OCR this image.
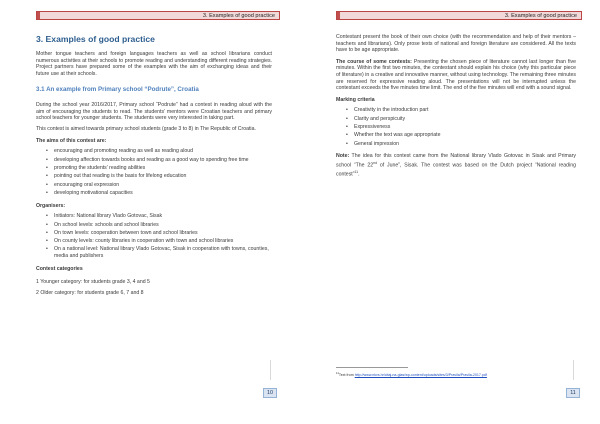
3. Examples of good practice
3. Examples of good practice

Mother tongue teachers and foreign languages teachers as well as school librarians conduct numerous activities at their schools to promote reading and understanding different reading strategies. Project partners have prepared some of the examples with the aim of exchanging ideas and their future use at their schools.

3.1 An example from Primary school “Podrute”, Croatia

During the school year 2016/2017, Primary school “Podrute” had a contest in reading aloud with the aim of encouraging the students to read. The students’ mentors were Croatian teachers and primary school teachers for younger students. The students were very interested in taking part.

This contest is aimed towards primary school students (grade 3 to 8) in The Republic of Croatia.

The aims of this contest are:
• encouraging and promoting reading as well as reading aloud
• developing affection towards books and reading as a good way to spending free time
• promoting the students’ reading abilities
• pointing out that reading is the basis for lifelong education
• encouraging oral expression
• developing motivational capacities
Organisers:
• Initiators: National library Vlado Gotovac, Sisak
• On school levels: schools and school libraries
• On town levels: cooperation between town and school libraries
• On county levels: county libraries in cooperation with town and school libraries
• On a national level: National library Vlado Gotovac, Sisak in cooperation with towns, counties, media and publishers
Contest categories

1 Younger category: for students grade 3, 4 and 5

2 Older category: for students grade 6, 7 and 8

10
3. Examples of good practice

Contestant present the book of their own choice (with the recommendation and help of their mentors – teachers and librarians). Only prose texts of national and foreign literature are considered. All the texts have to be age appropriate.

The course of some contests: Presenting the chosen piece of literature cannot last longer than five minutes. Within the first two minutes, the contestant should explain his choice (why this particular piece of literature) in a creative and innovative manner, without using technology. The remaining three minutes are reserved for expressive reading aloud. The presentations will not be interrupted unless the contestant exceeds the five minutes time limit. The end of the five minutes will end with a sound signal.

Marking criteria
• Creativity in the introduction part
• Clarity and perspicuity
• Expressiveness
• Whether the text was age appropriate
• General impression

Note: The idea for this contest came from the National library Vlado Gotovac in Sisak and Primary school “The 22nd of June”, Sisak. The contest was based on the Dutch project “National reading contest”$^{11}$.

$^{11}$Text from http://www.nkvs.hr/citaj-na-glas/wp-content/uploads/sites/3/Pravila/Pravila-2017.pdf
11
